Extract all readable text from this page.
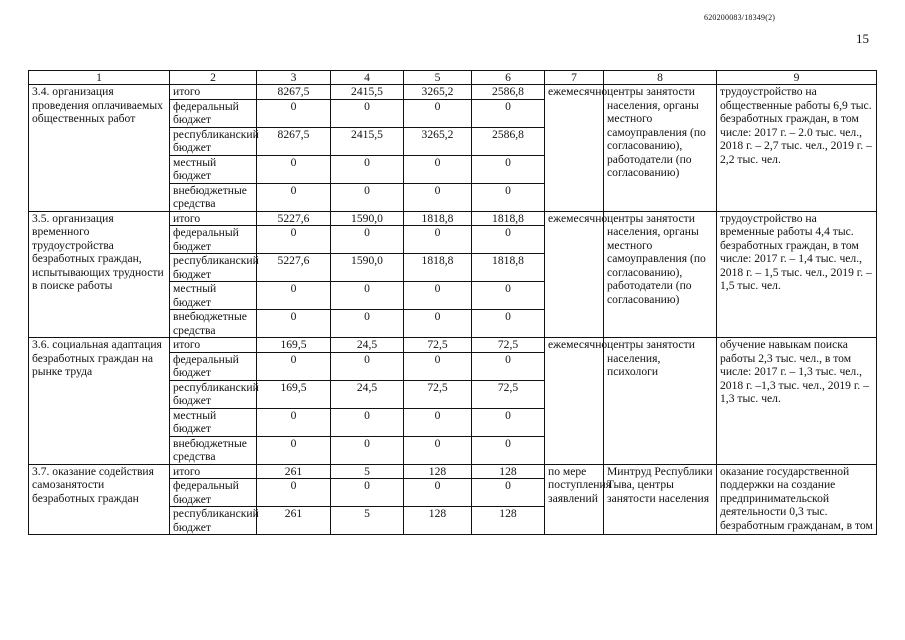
620200083/18349(2)
15
1	2	3	4	5	6	7	8	9
3.4. организация проведения оплачиваемых общественных работ	итого	8267,5	2415,5	3265,2	2586,8	ежемесячно	центры занятости населения, органы местного самоуправления (по согласованию), работодатели (по согласованию)	трудоустройство на общественные работы 6,9 тыс. безработных граждан, в том числе: 2017 г. – 2.0 тыс. чел., 2018 г. – 2,7 тыс. чел., 2019 г. – 2,2 тыс. чел.
	федеральный бюджет	0	0	0	0			
	республиканский бюджет	8267,5	2415,5	3265,2	2586,8			
	местный бюджет	0	0	0	0			
	внебюджетные средства	0	0	0	0			
3.5. организация временного трудоустройства безработных граждан, испытывающих трудности в поиске работы	итого	5227,6	1590,0	1818,8	1818,8	ежемесячно	центры занятости населения, органы местного самоуправления (по согласованию), работодатели (по согласованию)	трудоустройство на временные работы 4,4 тыс. безработных граждан, в том числе: 2017 г. – 1,4 тыс. чел., 2018 г. – 1,5 тыс. чел., 2019 г. – 1,5 тыс. чел.
	федеральный бюджет	0	0	0	0			
	республиканский бюджет	5227,6	1590,0	1818,8	1818,8			
	местный бюджет	0	0	0	0			
	внебюджетные средства	0	0	0	0			
3.6. социальная адаптация безработных граждан на рынке труда	итого	169,5	24,5	72,5	72,5	ежемесячно	центры занятости населения, психологи	обучение навыкам поиска работы 2,3 тыс. чел., в том числе: 2017 г. – 1,3 тыс. чел., 2018 г. –1,3 тыс. чел., 2019 г. – 1,3 тыс. чел.
	федеральный бюджет	0	0	0	0			
	республиканский бюджет	169,5	24,5	72,5	72,5			
	местный бюджет	0	0	0	0			
	внебюджетные средства	0	0	0	0			
3.7. оказание содействия самозанятости безработных граждан	итого	261	5	128	128	по мере поступления заявлений	Минтруд Республики Тыва, центры занятости населения	оказание государственной поддержки на создание предпринимательской деятельности 0,3 тыс. безработным гражданам, в том
	федеральный бюджет	0	0	0	0			
	республиканский бюджет	261	5	128	128			
